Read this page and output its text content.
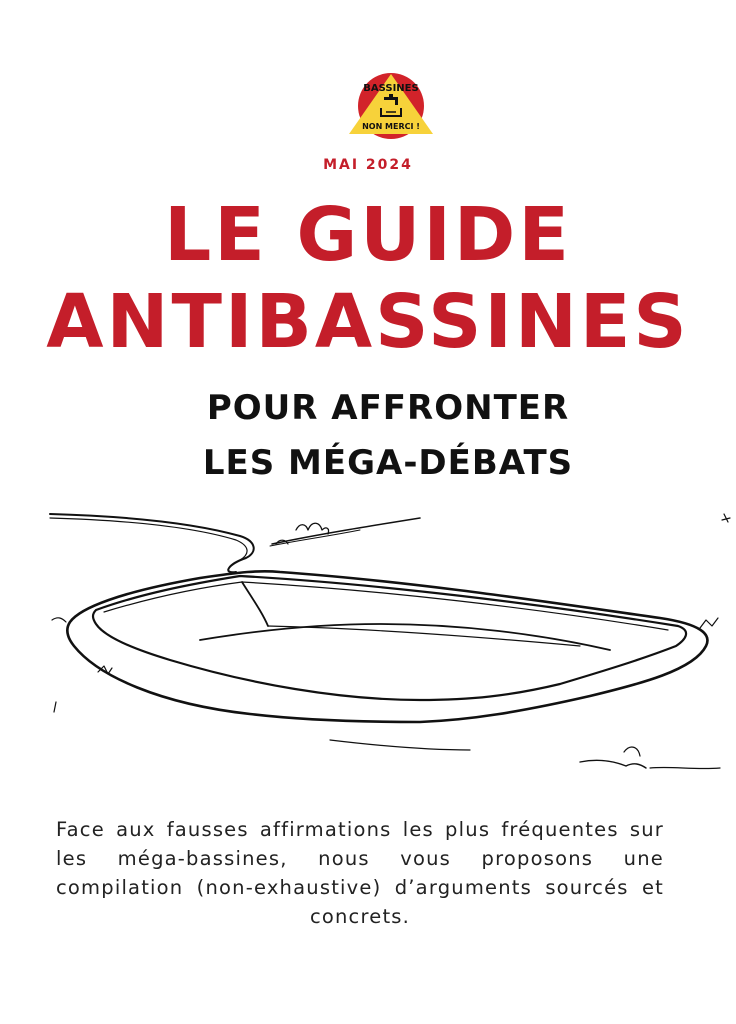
BASSINES
NON MERCI !
MAI 2024
LE GUIDE
ANTIBASSINES
POUR AFFRONTER
LES MÉGA-DÉBATS
Face aux fausses affirmations les plus fréquentes sur les méga-bassines, nous vous proposons une compilation (non-exhaustive) d’arguments sourcés et concrets.
